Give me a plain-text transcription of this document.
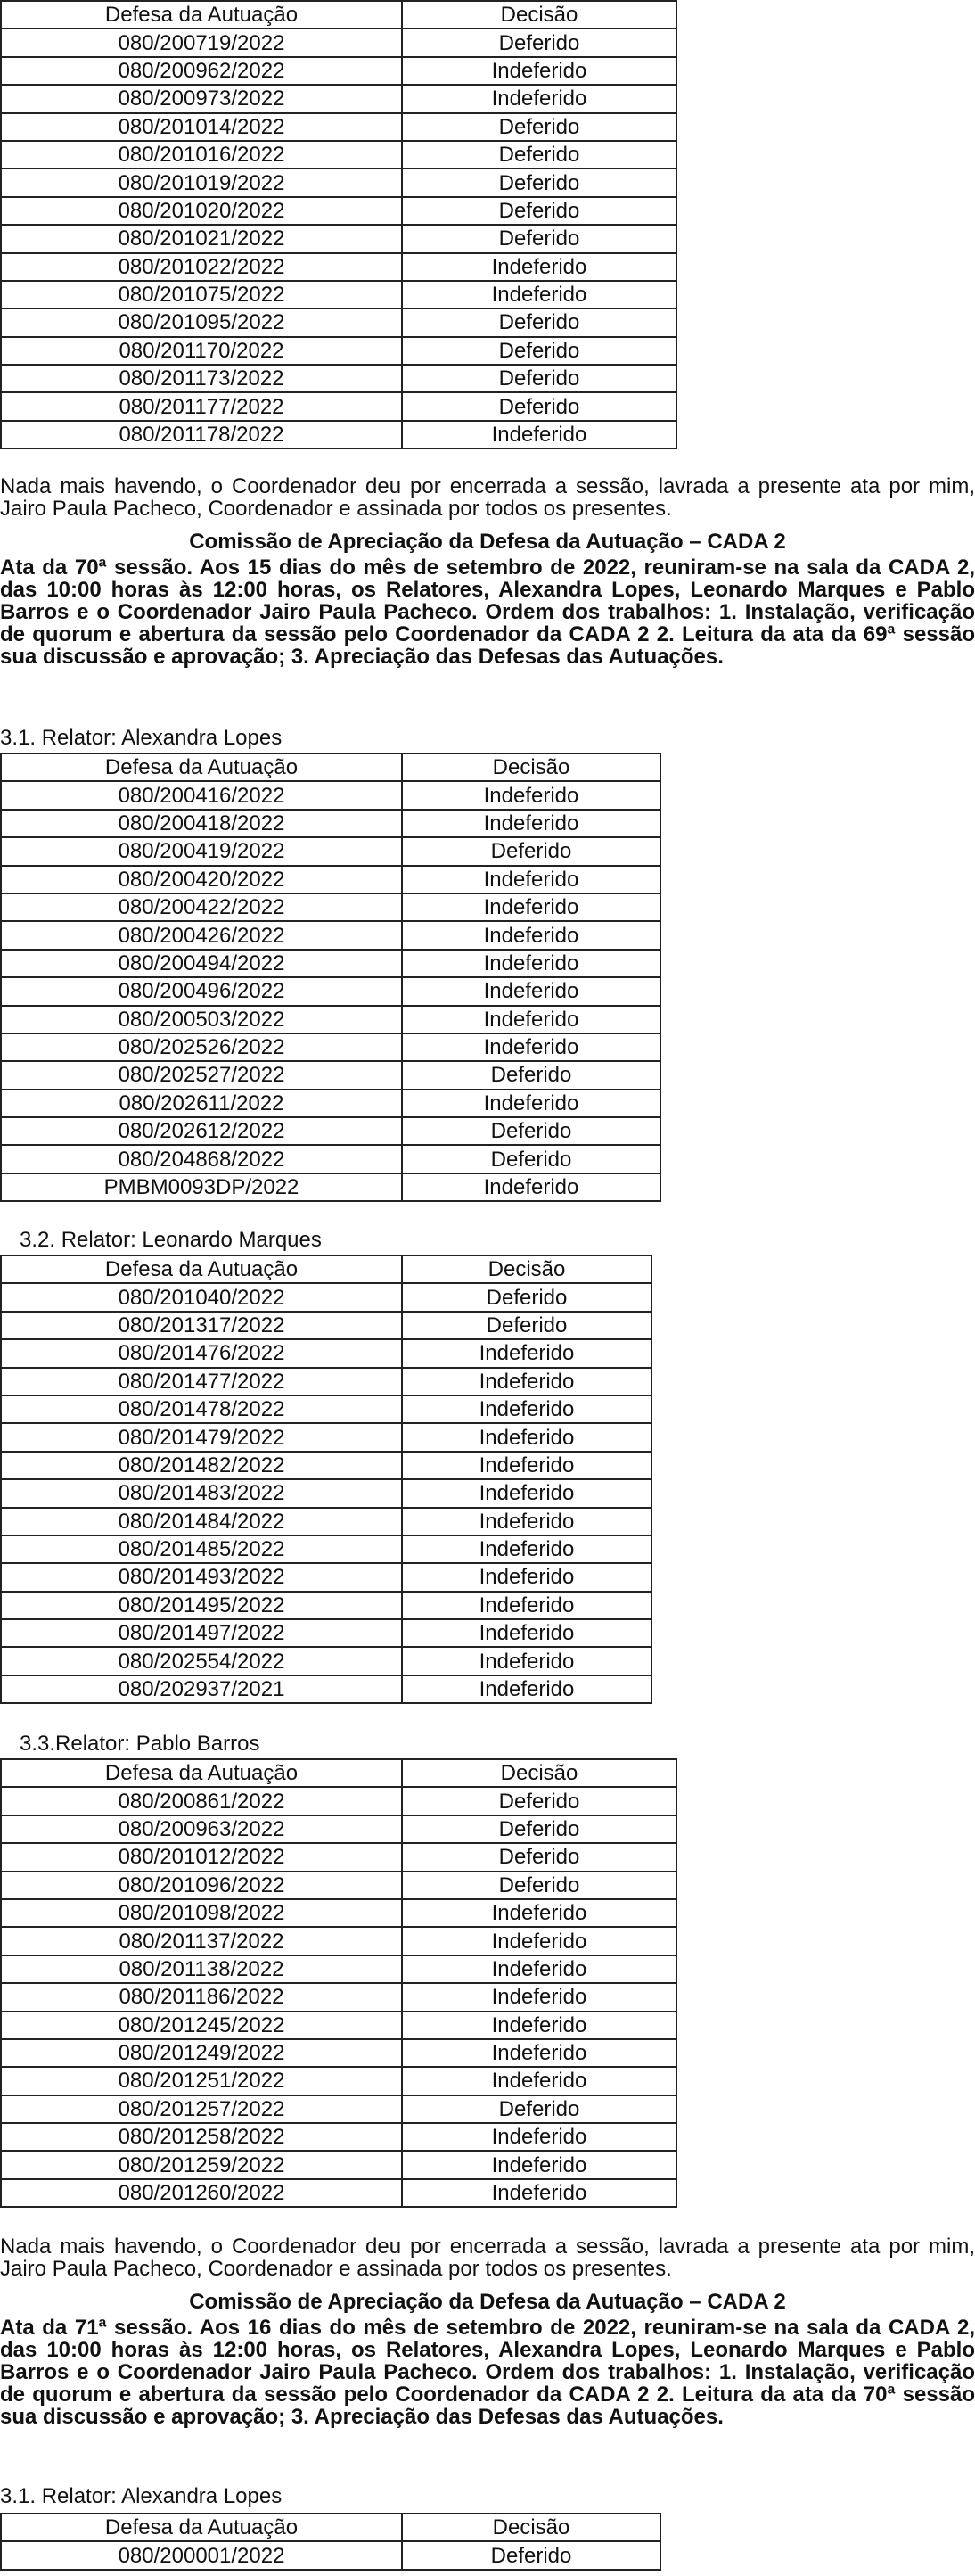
Defesa da Autuação	Decisão
080/200719/2022	Deferido
080/200962/2022	Indeferido
080/200973/2022	Indeferido
080/201014/2022	Deferido
080/201016/2022	Deferido
080/201019/2022	Deferido
080/201020/2022	Deferido
080/201021/2022	Deferido
080/201022/2022	Indeferido
080/201075/2022	Indeferido
080/201095/2022	Deferido
080/201170/2022	Deferido
080/201173/2022	Deferido
080/201177/2022	Deferido
080/201178/2022	Indeferido

Nada mais havendo, o Coordenador deu por encerrada a sessão, lavrada a presente ata por mim, Jairo Paula Pacheco, Coordenador e assinada por todos os presentes.

Comissão de Apreciação da Defesa da Autuação – CADA 2

Ata da 70ª sessão. Aos 15 dias do mês de setembro de 2022, reuniram-se na sala da CADA 2, das 10:00 horas às 12:00 horas, os Relatores, Alexandra Lopes, Leonardo Marques e Pablo Barros e o Coordenador Jairo Paula Pacheco. Ordem dos trabalhos: 1. Instalação, verificação de quorum e abertura da sessão pelo Coordenador da CADA 2 2. Leitura da ata da 69ª sessão sua discussão e aprovação; 3. Apreciação das Defesas das Autuações.

3.1. Relator: Alexandra Lopes

Defesa da Autuação	Decisão
080/200416/2022	Indeferido
080/200418/2022	Indeferido
080/200419/2022	Deferido
080/200420/2022	Indeferido
080/200422/2022	Indeferido
080/200426/2022	Indeferido
080/200494/2022	Indeferido
080/200496/2022	Indeferido
080/200503/2022	Indeferido
080/202526/2022	Indeferido
080/202527/2022	Deferido
080/202611/2022	Indeferido
080/202612/2022	Deferido
080/204868/2022	Deferido
PMBM0093DP/2022	Indeferido

3.2. Relator: Leonardo Marques

Defesa da Autuação	Decisão
080/201040/2022	Deferido
080/201317/2022	Deferido
080/201476/2022	Indeferido
080/201477/2022	Indeferido
080/201478/2022	Indeferido
080/201479/2022	Indeferido
080/201482/2022	Indeferido
080/201483/2022	Indeferido
080/201484/2022	Indeferido
080/201485/2022	Indeferido
080/201493/2022	Indeferido
080/201495/2022	Indeferido
080/201497/2022	Indeferido
080/202554/2022	Indeferido
080/202937/2021	Indeferido

3.3.Relator: Pablo Barros

Defesa da Autuação	Decisão
080/200861/2022	Deferido
080/200963/2022	Deferido
080/201012/2022	Deferido
080/201096/2022	Deferido
080/201098/2022	Indeferido
080/201137/2022	Indeferido
080/201138/2022	Indeferido
080/201186/2022	Indeferido
080/201245/2022	Indeferido
080/201249/2022	Indeferido
080/201251/2022	Indeferido
080/201257/2022	Deferido
080/201258/2022	Indeferido
080/201259/2022	Indeferido
080/201260/2022	Indeferido

Nada mais havendo, o Coordenador deu por encerrada a sessão, lavrada a presente ata por mim, Jairo Paula Pacheco, Coordenador e assinada por todos os presentes.

Comissão de Apreciação da Defesa da Autuação – CADA 2

Ata da 71ª sessão. Aos 16 dias do mês de setembro de 2022, reuniram-se na sala da CADA 2, das 10:00 horas às 12:00 horas, os Relatores, Alexandra Lopes, Leonardo Marques e Pablo Barros e o Coordenador Jairo Paula Pacheco. Ordem dos trabalhos: 1. Instalação, verificação de quorum e abertura da sessão pelo Coordenador da CADA 2 2. Leitura da ata da 70ª sessão sua discussão e aprovação; 3. Apreciação das Defesas das Autuações.

3.1. Relator: Alexandra Lopes

Defesa da Autuação	Decisão
080/200001/2022	Deferido
